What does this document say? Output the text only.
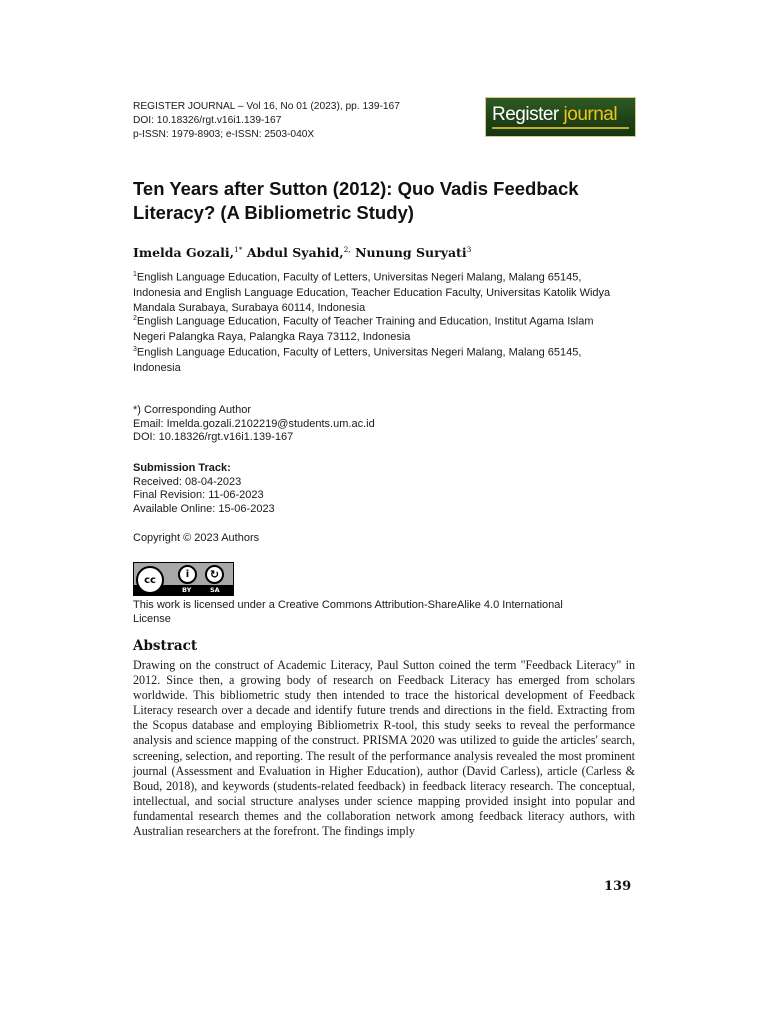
REGISTER JOURNAL – Vol 16, No 01 (2023), pp. 139-167
DOI: 10.18326/rgt.v16i1.139-167
p-ISSN: 1979-8903; e-ISSN: 2503-040X
Register journal
Ten Years after Sutton (2012): Quo Vadis Feedback Literacy? (A Bibliometric Study)
Imelda Gozali,$^{1*}$ Abdul Syahid,$^{2,}$ Nunung Suryati$^3$
$^1$English Language Education, Faculty of Letters, Universitas Negeri Malang, Malang 65145, Indonesia and English Language Education, Teacher Education Faculty, Universitas Katolik Widya Mandala Surabaya, Surabaya 60114, Indonesia
$^2$English Language Education, Faculty of Teacher Training and Education, Institut Agama Islam Negeri Palangka Raya, Palangka Raya 73112, Indonesia
$^3$English Language Education, Faculty of Letters, Universitas Negeri Malang, Malang 65145, Indonesia
*) Corresponding Author
Email: Imelda.gozali.2102219@students.um.ac.id
DOI: 10.18326/rgt.v16i1.139-167
Submission Track:
Received: 08-04-2023
Final Revision: 11-06-2023
Available Online: 15-06-2023
Copyright © 2023 Authors
cc	i	↻
BY	SA
This work is licensed under a Creative Commons Attribution-ShareAlike 4.0 International License
Abstract
Drawing on the construct of Academic Literacy, Paul Sutton coined the term "Feedback Literacy" in 2012. Since then, a growing body of research on Feedback Literacy has emerged from scholars worldwide. This bibliometric study then intended to trace the historical development of Feedback Literacy research over a decade and identify future trends and directions in the field. Extracting from the Scopus database and employing Bibliometrix R-tool, this study seeks to reveal the performance analysis and science mapping of the construct. PRISMA 2020 was utilized to guide the articles' search, screening, selection, and reporting. The result of the performance analysis revealed the most prominent journal (Assessment and Evaluation in Higher Education), author (David Carless), article (Carless & Boud, 2018), and keywords (students-related feedback) in feedback literacy research. The conceptual, intellectual, and social structure analyses under science mapping provided insight into popular and fundamental research themes and the collaboration network among feedback literacy authors, with Australian researchers at the forefront. The findings imply
139
